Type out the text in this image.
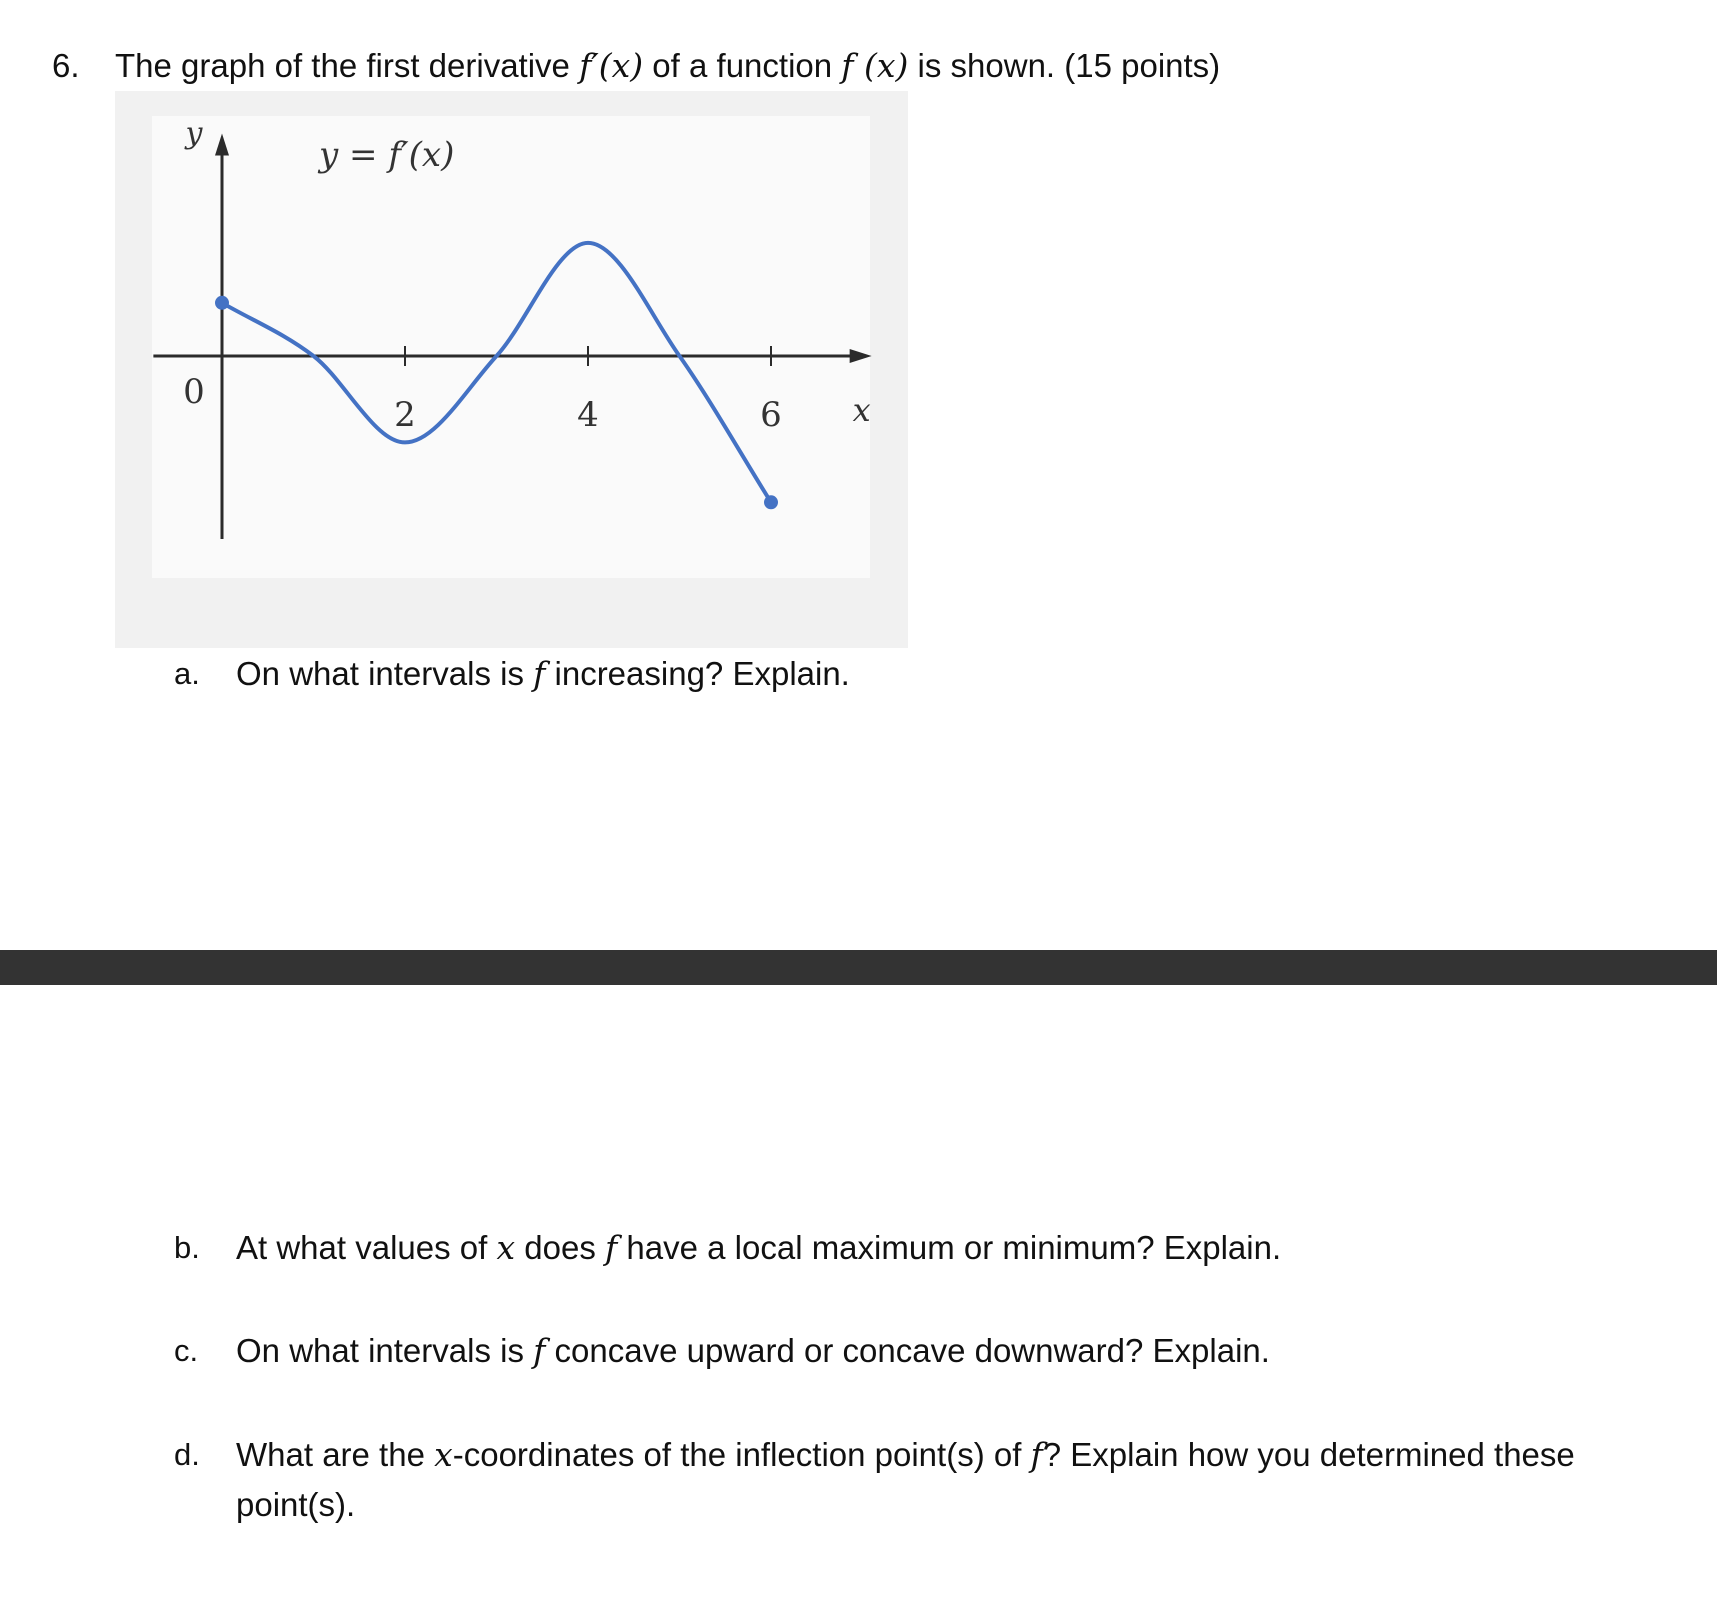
6. The graph of the first derivative f′(x) of a function f (x) is shown. (15 points)
y = f′(x)
y
x
0
2	4	6
a. On what intervals is f increasing? Explain.
b. At what values of x does f have a local maximum or minimum? Explain.
c. On what intervals is f concave upward or concave downward? Explain.
d. What are the x-coordinates of the inflection point(s) of f? Explain how you determined these point(s).
